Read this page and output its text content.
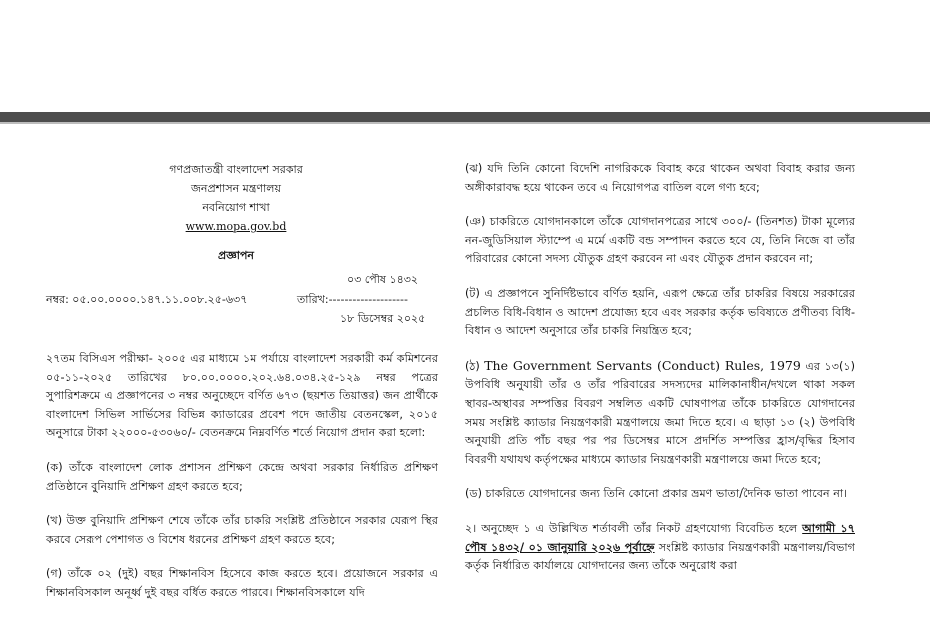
গণপ্রজাতন্ত্রী বাংলাদেশ সরকার
জনপ্রশাসন মন্ত্রণালয়
নবনিয়োগ শাখা
www.mopa.gov.bd
প্রজ্ঞাপন
০৩ পৌষ ১৪৩২
নম্বর: ০৫.০০.০০০০.১৪৭.১১.০০৮.২৫-৬৩৭	তারিখ:--------------------
১৮ ডিসেম্বর ২০২৫

২৭তম বিসিএস পরীক্ষা- ২০০৫ এর মাধ্যমে ১ম পর্যায়ে বাংলাদেশ সরকারী কর্ম কমিশনের ০৫-১১-২০২৫ তারিখের ৮০.০০.০০০০.২০২.৬৪.০৩৪.২৫-১২৯ নম্বর পত্রের সুপারিশক্রমে এ প্রজ্ঞাপনের ৩ নম্বর অনুচ্ছেদে বর্ণিত ৬৭৩ (ছয়শত তিয়াত্তর) জন প্রার্থীকে বাংলাদেশ সিভিল সার্ভিসের বিভিন্ন ক্যাডারের প্রবেশ পদে জাতীয় বেতনস্কেল, ২০১৫ অনুসারে টাকা ২২০০০-৫৩০৬০/- বেতনক্রমে নিম্নবর্ণিত শর্তে নিয়োগ প্রদান করা হলো:

(ক) তাঁকে বাংলাদেশ লোক প্রশাসন প্রশিক্ষণ কেন্দ্রে অথবা সরকার নির্ধারিত প্রশিক্ষণ প্রতিষ্ঠানে বুনিয়াদি প্রশিক্ষণ গ্রহণ করতে হবে;

(খ) উক্ত বুনিয়াদি প্রশিক্ষণ শেষে তাঁকে তাঁর চাকরি সংশ্লিষ্ট প্রতিষ্ঠানে সরকার যেরূপ স্থির করবে সেরূপ পেশাগত ও বিশেষ ধরনের প্রশিক্ষণ গ্রহণ করতে হবে;

(গ) তাঁকে ০২ (দুই) বছর শিক্ষানবিস হিসেবে কাজ করতে হবে। প্রয়োজনে সরকার এ শিক্ষানবিসকাল অনূর্ধ্ব দুই বছর বর্ধিত করতে পারবে। শিক্ষানবিসকালে যদি

(ঝ) যদি তিনি কোনো বিদেশি নাগরিককে বিবাহ করে থাকেন অথবা বিবাহ করার জন্য অঙ্গীকারাবদ্ধ হয়ে থাকেন তবে এ নিয়োগপত্র বাতিল বলে গণ্য হবে;

(ঞ) চাকরিতে যোগদানকালে তাঁকে যোগদানপত্রের সাথে ৩০০/- (তিনশত) টাকা মূল্যের নন-জুডিসিয়াল স্ট্যাম্পে এ মর্মে একটি বন্ড সম্পাদন করতে হবে যে, তিনি নিজে বা তাঁর পরিবারের কোনো সদস্য যৌতুক গ্রহণ করবেন না এবং যৌতুক প্রদান করবেন না;

(ট) এ প্রজ্ঞাপনে সুনির্দিষ্টভাবে বর্ণিত হয়নি, এরূপ ক্ষেত্রে তাঁর চাকরির বিষয়ে সরকারের প্রচলিত বিধি-বিধান ও আদেশ প্রযোজ্য হবে এবং সরকার কর্তৃক ভবিষ্যতে প্রণীতব্য বিধি-বিধান ও আদেশ অনুসারে তাঁর চাকরি নিয়ন্ত্রিত হবে;

(ঠ) The Government Servants (Conduct) Rules, 1979 এর ১৩(১) উপবিধি অনুযায়ী তাঁর ও তাঁর পরিবারের সদস্যদের মালিকানাধীন/দখলে থাকা সকল স্থাবর-অস্থাবর সম্পত্তির বিবরণ সম্বলিত একটি ঘোষণাপত্র তাঁকে চাকরিতে যোগদানের সময় সংশ্লিষ্ট ক্যাডার নিয়ন্ত্রণকারী মন্ত্রণালয়ে জমা দিতে হবে। এ ছাড়া ১৩ (২) উপবিধি অনুযায়ী প্রতি পাঁচ বছর পর পর ডিসেম্বর মাসে প্রদর্শিত সম্পত্তির হ্রাস/বৃদ্ধির হিসাব বিবরণী যথাযথ কর্তৃপক্ষের মাধ্যমে ক্যাডার নিয়ন্ত্রণকারী মন্ত্রণালয়ে জমা দিতে হবে;

(ড) চাকরিতে যোগদানের জন্য তিনি কোনো প্রকার ভ্রমণ ভাতা/দৈনিক ভাতা পাবেন না।

২। অনুচ্ছেদ ১ এ উল্লিখিত শর্তাবলী তাঁর নিকট গ্রহণযোগ্য বিবেচিত হলে আগামী ১৭ পৌষ ১৪৩২/ ০১ জানুয়ারি ২০২৬ পূর্বাহ্নে সংশ্লিষ্ট ক্যাডার নিয়ন্ত্রণকারী মন্ত্রণালয়/বিভাগ কর্তৃক নির্ধারিত কার্যালয়ে যোগদানের জন্য তাঁকে অনুরোধ করা
